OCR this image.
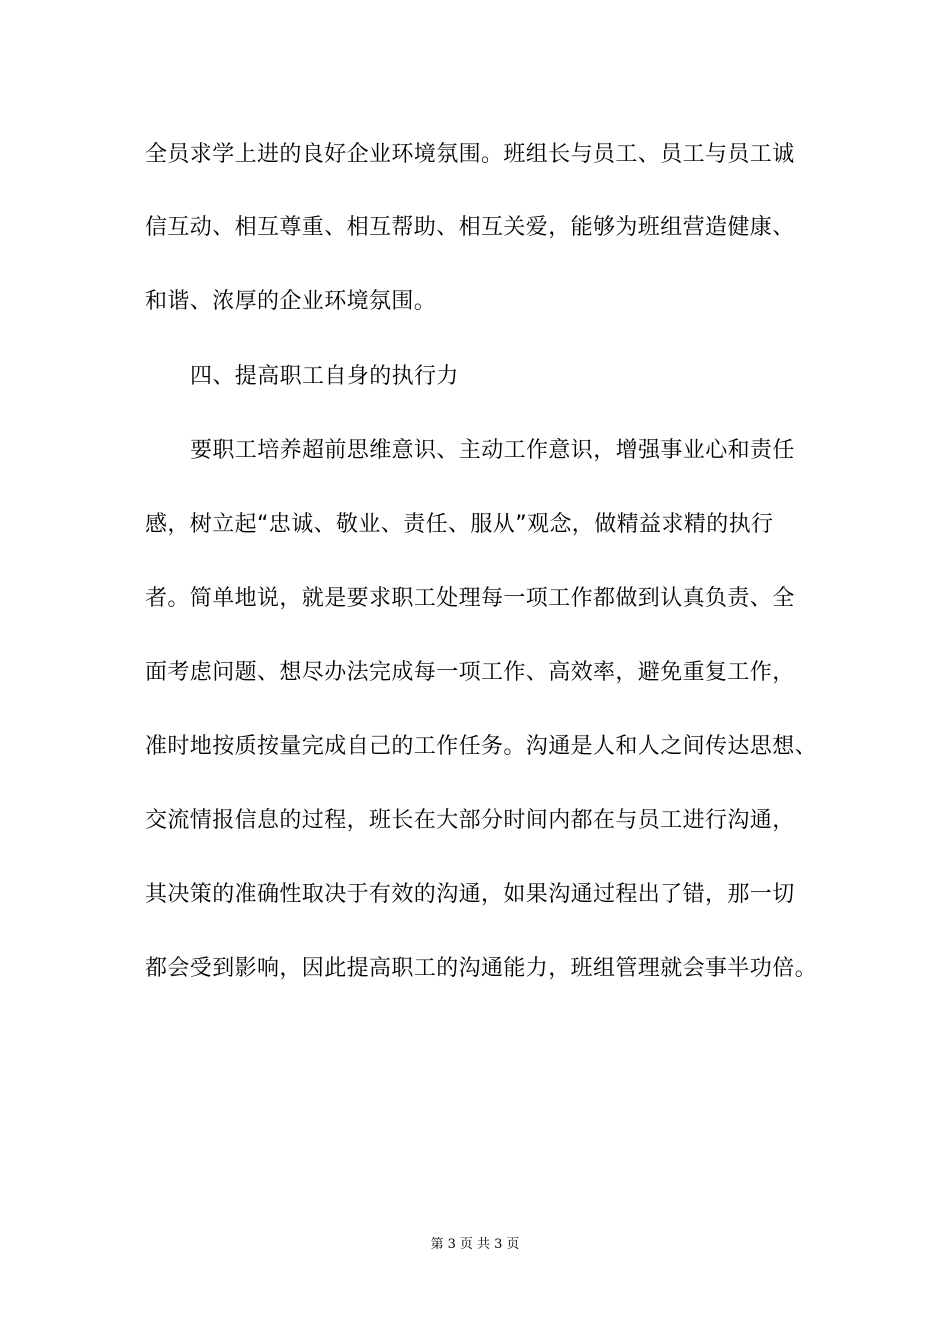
全员求学上进的良好企业环境氛围。班组长与员工、员工与员工诚
信互动、相互尊重、相互帮助、相互关爱，能够为班组营造健康、
和谐、浓厚的企业环境氛围。
四、提高职工自身的执行力
要职工培养超前思维意识、主动工作意识，增强事业心和责任
感，树立起“忠诚、敬业、责任、服从”观念，做精益求精的执行
者。简单地说，就是要求职工处理每一项工作都做到认真负责、全
面考虑问题、想尽办法完成每一项工作、高效率，避免重复工作，
准时地按质按量完成自己的工作任务。沟通是人和人之间传达思想、
交流情报信息的过程，班长在大部分时间内都在与员工进行沟通，
其决策的准确性取决于有效的沟通，如果沟通过程出了错，那一切
都会受到影响，因此提高职工的沟通能力，班组管理就会事半功倍。
第 3 页 共 3 页
